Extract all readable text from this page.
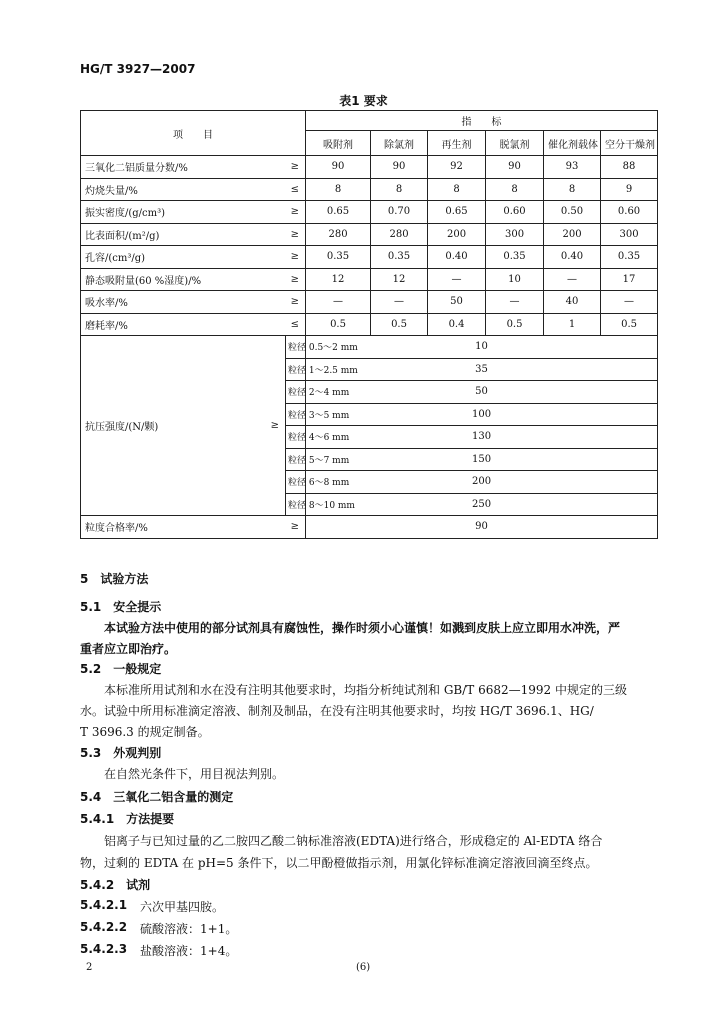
HG/T 3927—2007
表1 要求
项　　目			指　　标					
			吸附剂	除氯剂	再生剂	脱氯剂	催化剂载体	空分干燥剂
三氧化二铝质量分数/%		≥	90	90	92	90	93	88
灼烧失量/%		≤	8	8	8	8	8	9
振实密度/(g/cm³)		≥	0.65	0.70	0.65	0.60	0.50	0.60
比表面积/(m²/g)		≥	280	280	200	300	200	300
孔容/(cm³/g)		≥	0.35	0.35	0.40	0.35	0.40	0.35
静态吸附量(60 %湿度)/%		≥	12	12	—	10	—	17
吸水率/%		≥	—	—	50	—	40	—
磨耗率/%		≤	0.5	0.5	0.4	0.5	1	0.5
抗压强度/(N/颗)	≥	粒径 0.5～2 mm	10					
		粒径 1～2.5 mm	35					
		粒径 2～4 mm	50					
		粒径 3～5 mm	100					
		粒径 4～6 mm	130					
		粒径 5～7 mm	150					
		粒径 6～8 mm	200					
		粒径 8～10 mm	250					
粒度合格率/%		≥	90					
5　试验方法
5.1　安全提示
本试验方法中使用的部分试剂具有腐蚀性，操作时须小心谨慎！如溅到皮肤上应立即用水冲洗，严
重者应立即治疗。
5.2　一般规定
本标准所用试剂和水在没有注明其他要求时，均指分析纯试剂和 GB/T 6682—1992 中规定的三级
水。试验中所用标准滴定溶液、制剂及制品，在没有注明其他要求时，均按 HG/T 3696.1、HG/
T 3696.3 的规定制备。
5.3　外观判别
在自然光条件下，用目视法判别。
5.4　三氧化二铝含量的测定
5.4.1　方法提要
铝离子与已知过量的乙二胺四乙酸二钠标准溶液(EDTA)进行络合，形成稳定的 Al-EDTA 络合
物，过剩的 EDTA 在 pH=5 条件下，以二甲酚橙做指示剂，用氯化锌标准滴定溶液回滴至终点。
5.4.2　试剂
5.4.2.1 六次甲基四胺。
5.4.2.2 硫酸溶液：1+1。
5.4.2.3 盐酸溶液：1+4。
2	(6)
